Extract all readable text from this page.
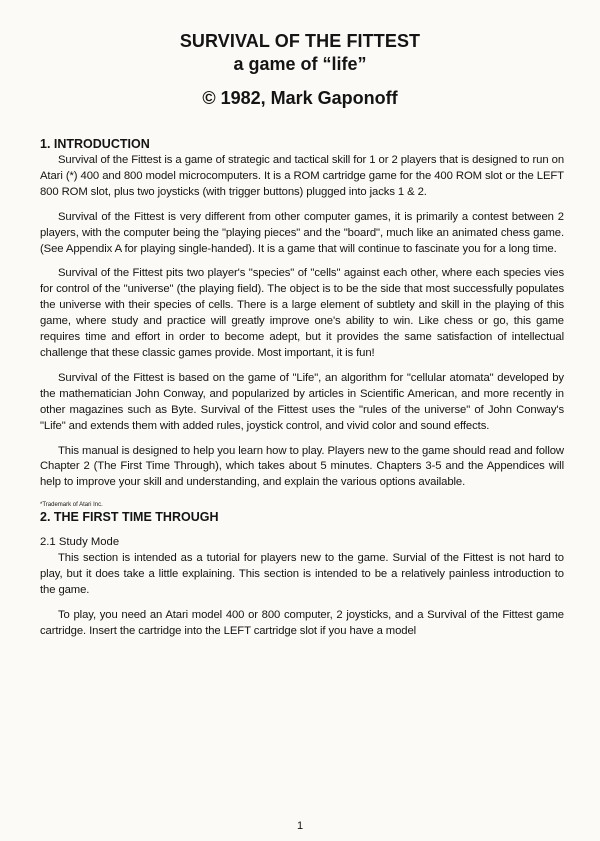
SURVIVAL OF THE FITTEST
a game of “life”
© 1982, Mark Gaponoff
1. INTRODUCTION

Survival of the Fittest is a game of strategic and tactical skill for 1 or 2 players that is designed to run on Atari (*) 400 and 800 model microcomputers. It is a ROM cartridge game for the 400 ROM slot or the LEFT 800 ROM slot, plus two joysticks (with trigger buttons) plugged into jacks 1 & 2.

Survival of the Fittest is very different from other computer games, it is primarily a contest between 2 players, with the computer being the "playing pieces" and the "board", much like an animated chess game. (See Appendix A for playing single-handed). It is a game that will continue to fascinate you for a long time.

Survival of the Fittest pits two player's "species" of "cells" against each other, where each species vies for control of the "universe" (the playing field). The object is to be the side that most successfully populates the universe with their species of cells. There is a large element of subtlety and skill in the playing of this game, where study and practice will greatly improve one's ability to win. Like chess or go, this game requires time and effort in order to become adept, but it provides the same satisfaction of intellectual challenge that these classic games provide. Most important, it is fun!

Survival of the Fittest is based on the game of "Life", an algorithm for "cellular atomata" developed by the mathematician John Conway, and popularized by articles in Scientific American, and more recently in other magazines such as Byte. Survival of the Fittest uses the "rules of the universe" of John Conway's "Life" and extends them with added rules, joystick control, and vivid color and sound effects.

This manual is designed to help you learn how to play. Players new to the game should read and follow Chapter 2 (The First Time Through), which takes about 5 minutes. Chapters 3-5 and the Appendices will help to improve your skill and understanding, and explain the various options available.

*Trademark of Atari Inc.
2. THE FIRST TIME THROUGH
2.1 Study Mode

This section is intended as a tutorial for players new to the game. Survial of the Fittest is not hard to play, but it does take a little explaining. This section is intended to be a relatively painless introduction to the game.

To play, you need an Atari model 400 or 800 computer, 2 joysticks, and a Survival of the Fittest game cartridge. Insert the cartridge into the LEFT cartridge slot if you have a model

1
